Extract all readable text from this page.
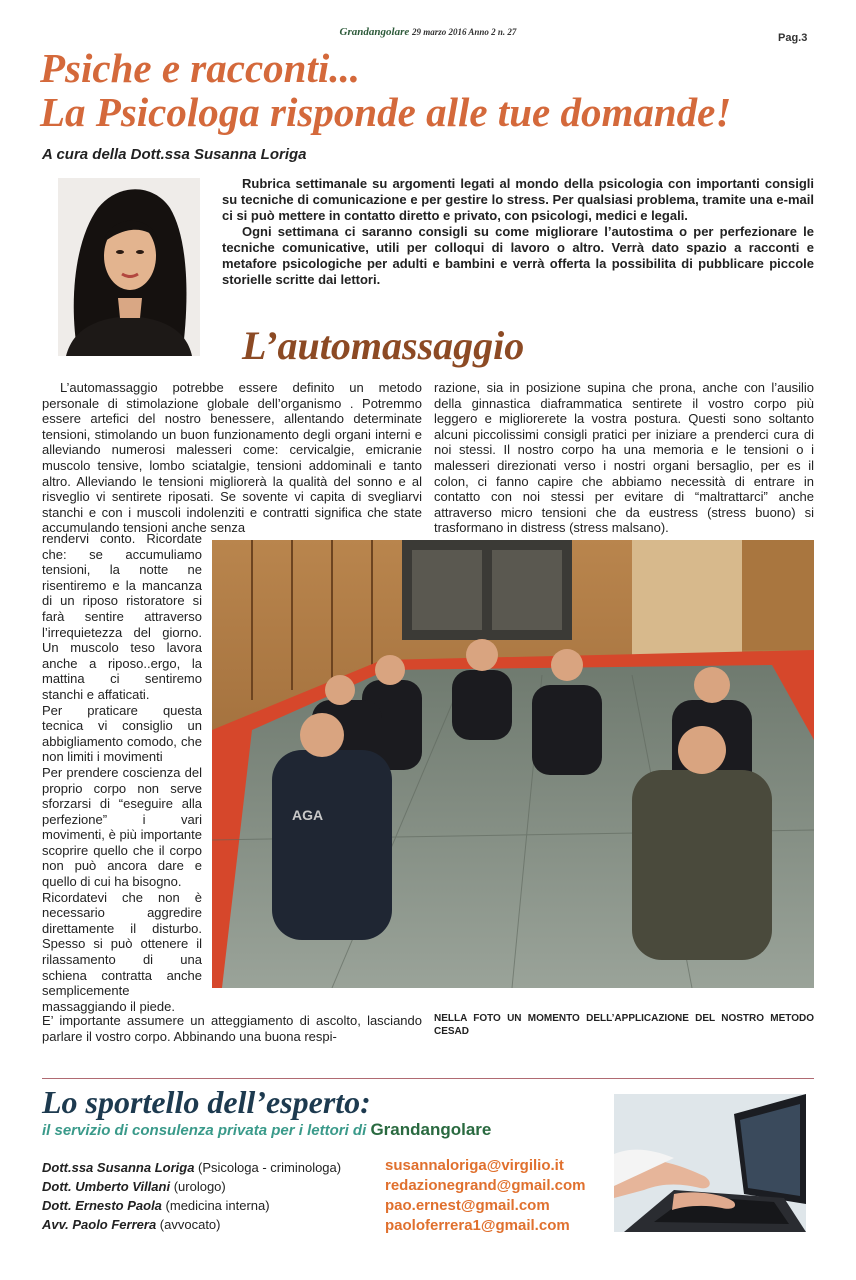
Grandangolare 29 marzo 2016 Anno 2 n. 27	Pag.3
Psiche e racconti...
La Psicologa risponde alle tue domande!
A cura della Dott.ssa Susanna Loriga

Rubrica settimanale su argomenti legati al mondo della psicologia con importanti consigli su tecniche di comunicazione e per gestire lo stress. Per qualsiasi problema, tramite una e-mail ci si può mettere in contatto diretto e privato, con psicologi, medici e legali.

Ogni settimana ci saranno consigli su come migliorare l’autostima o per perfezionare le tecniche comunicative, utili per colloqui di lavoro o altro. Verrà dato spazio a racconti e metafore psicologiche per adulti e bambini e verrà offerta la possibilita di pubblicare piccole storielle scritte dai lettori.

L’automassaggio
L’automassaggio potrebbe essere definito un metodo personale di stimolazione globale dell’organismo . Potremmo essere artefici del nostro benessere, allentando determinate tensioni, stimolando un buon funzionamento degli organi interni e alleviando numerosi malesseri come: cervicalgie, emicranie muscolo tensive, lombo sciatalgie, tensioni addominali e tanto altro. Alleviando le tensioni migliorerà la qualità del sonno e al risveglio vi sentirete riposati. Se sovente vi capita di svegliarvi stanchi e con i muscoli indolenziti e contratti significa che state accumulando tensioni anche senza

rendervi conto. Ricordate che: se accumuliamo tensioni, la notte ne risentiremo e la mancanza di un riposo ristoratore si farà sentire attraverso l’irrequietezza del giorno. Un muscolo teso lavora anche a riposo..ergo, la mattina ci sentiremo stanchi e affaticati.

Per praticare questa tecnica vi consiglio un abbigliamento comodo, che non limiti i movimenti

Per prendere coscienza del proprio corpo non serve sforzarsi di “eseguire alla perfezione” i vari movimenti, è più importante scoprire quello che il corpo non può ancora dare e quello di cui ha bisogno.

Ricordatevi che non è necessario aggredire direttamente il disturbo. Spesso si può ottenere il rilassamento di una schiena contratta anche semplicemente massaggiando il piede.

E’ importante assumere un atteggiamento di ascolto, lasciando parlare il vostro corpo. Abbinando una buona respi-
razione, sia in posizione supina che prona, anche con l’ausilio della ginnastica diaframmatica sentirete il vostro corpo più leggero e migliorerete la vostra postura. Questi sono soltanto alcuni piccolissimi consigli pratici per iniziare a prenderci cura di noi stessi. Il nostro corpo ha una memoria e le tensioni o i malesseri direzionati verso i nostri organi bersaglio, per es il colon, ci fanno capire che abbiamo necessità di entrare in contatto con noi stessi per evitare di “maltrattarci” anche attraverso micro tensioni che da eustress (stress buono) si trasformano in distress (stress malsano).
AGA
NELLA FOTO UN MOMENTO DELL’APPLICAZIONE DEL NOSTRO METODO CESAD
Lo sportello dell’esperto:
il servizio di consulenza privata per i lettori di Grandangolare
Dott.ssa Susanna Loriga (Psicologa - criminologa)
Dott. Umberto Villani (urologo)
Dott. Ernesto Paola (medicina interna)
Avv. Paolo Ferrera (avvocato)
susannaloriga@virgilio.it
redazionegrand@gmail.com
pao.ernest@gmail.com
paoloferrera1@gmail.com
